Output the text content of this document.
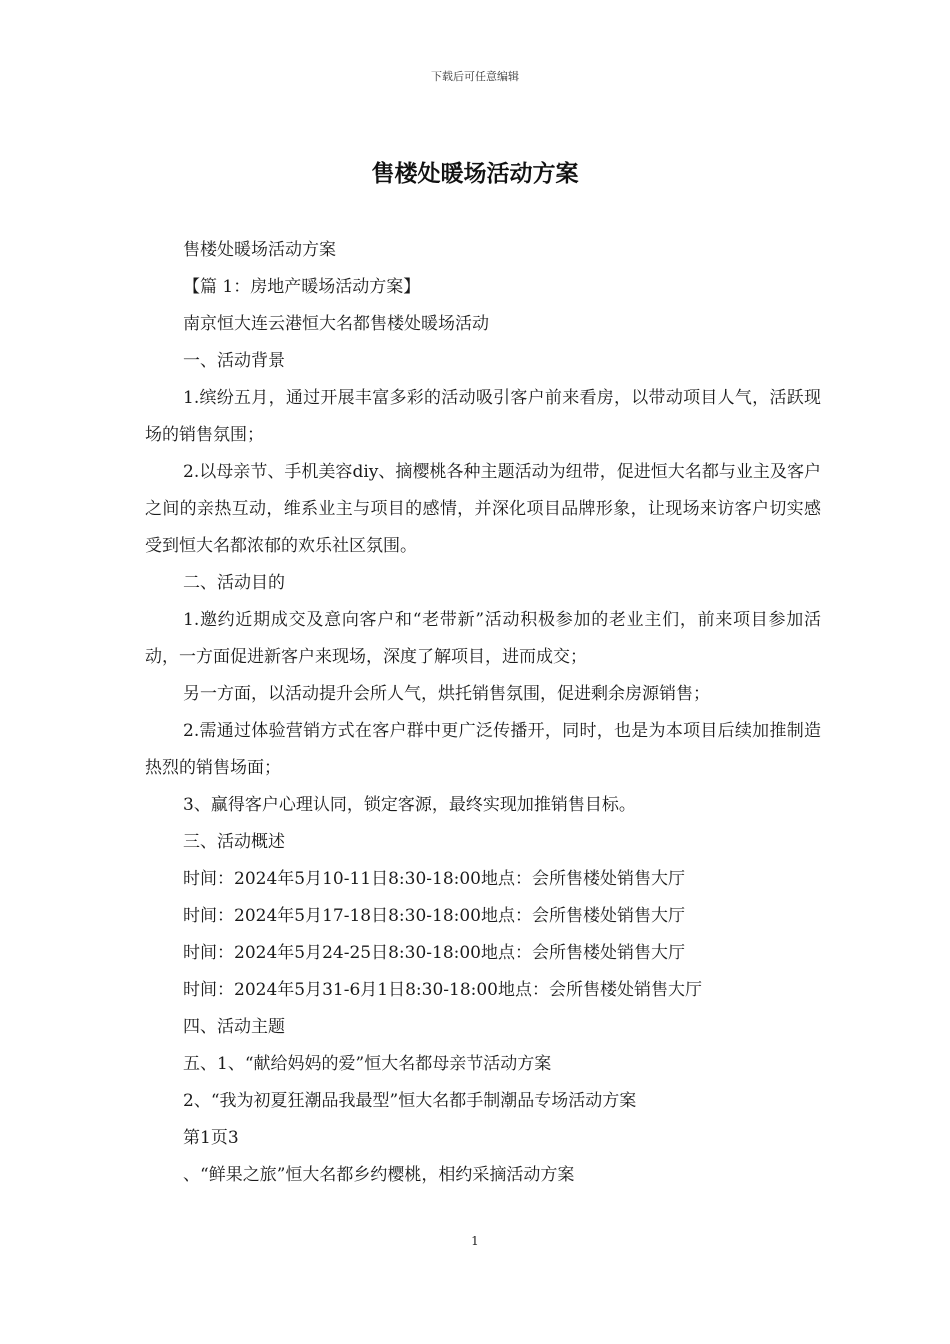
下载后可任意编辑
售楼处暖场活动方案

售楼处暖场活动方案

【篇 1：房地产暖场活动方案】

南京恒大连云港恒大名都售楼处暖场活动

一、活动背景

1.缤纷五月，通过开展丰富多彩的活动吸引客户前来看房，以带动项目人气，活跃现场的销售氛围；

2.以母亲节、手机美容diy、摘樱桃各种主题活动为纽带，促进恒大名都与业主及客户之间的亲热互动，维系业主与项目的感情，并深化项目品牌形象，让现场来访客户切实感受到恒大名都浓郁的欢乐社区氛围。

二、活动目的

1.邀约近期成交及意向客户和“老带新”活动积极参加的老业主们，前来项目参加活动，一方面促进新客户来现场，深度了解项目，进而成交；

另一方面，以活动提升会所人气，烘托销售氛围，促进剩余房源销售；

2.需通过体验营销方式在客户群中更广泛传播开，同时，也是为本项目后续加推制造热烈的销售场面；

3、赢得客户心理认同，锁定客源，最终实现加推销售目标。

三、活动概述

时间：2024年5月10-11日8:30-18:00地点：会所售楼处销售大厅

时间：2024年5月17-18日8:30-18:00地点：会所售楼处销售大厅

时间：2024年5月24-25日8:30-18:00地点：会所售楼处销售大厅

时间：2024年5月31-6月1日8:30-18:00地点：会所售楼处销售大厅

四、活动主题

五、1、“献给妈妈的爱”恒大名都母亲节活动方案

2、“我为初夏狂潮品我最型”恒大名都手制潮品专场活动方案

第1页3

、“鲜果之旅”恒大名都乡约樱桃，相约采摘活动方案

1
